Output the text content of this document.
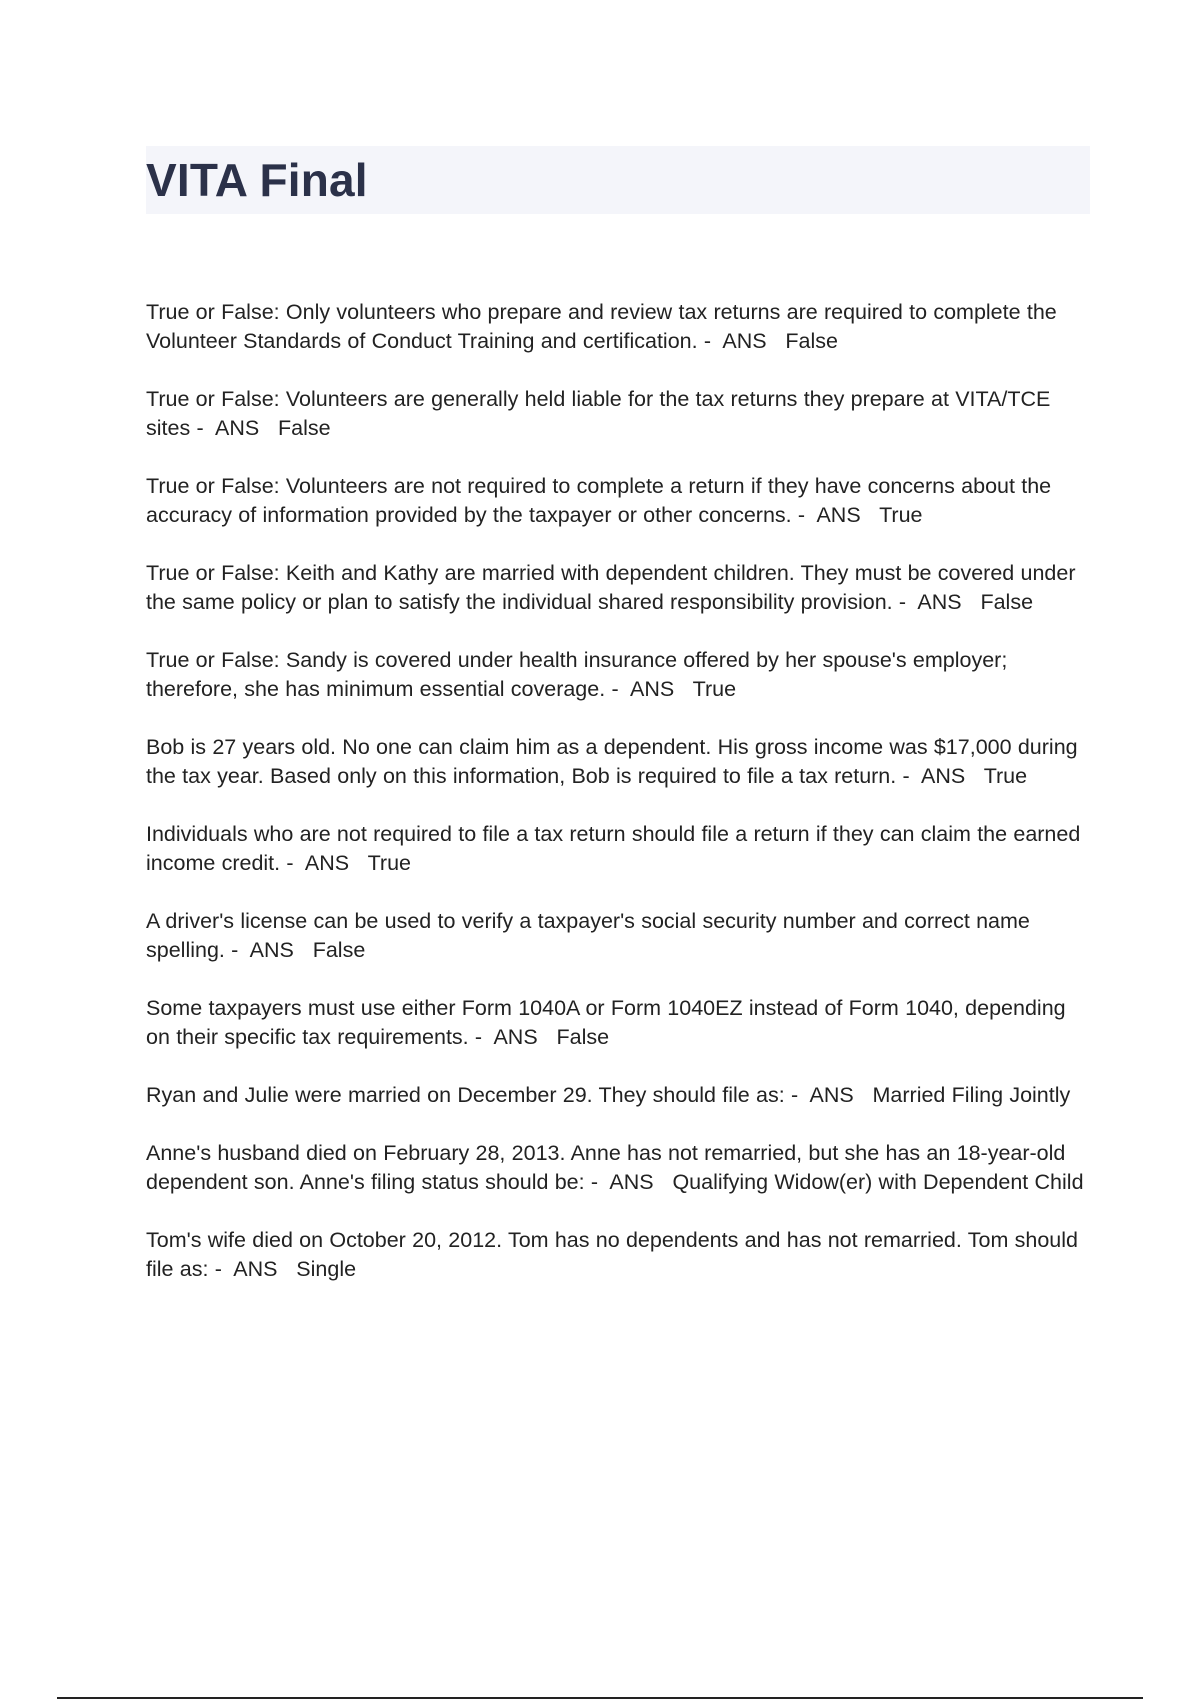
VITA Final

True or False: Only volunteers who prepare and review tax returns are required to complete the Volunteer Standards of Conduct Training and certification. -  ANS   False

True or False: Volunteers are generally held liable for the tax returns they prepare at VITA/TCE sites -  ANS   False

True or False: Volunteers are not required to complete a return if they have concerns about the accuracy of information provided by the taxpayer or other concerns. -  ANS   True

True or False: Keith and Kathy are married with dependent children. They must be covered under the same policy or plan to satisfy the individual shared responsibility provision. -  ANS   False

True or False: Sandy is covered under health insurance offered by her spouse's employer; therefore, she has minimum essential coverage. -  ANS   True

Bob is 27 years old. No one can claim him as a dependent. His gross income was $17,000 during the tax year. Based only on this information, Bob is required to file a tax return. -  ANS   True

Individuals who are not required to file a tax return should file a return if they can claim the earned income credit. -  ANS   True

A driver's license can be used to verify a taxpayer's social security number and correct name spelling. -  ANS   False

Some taxpayers must use either Form 1040A or Form 1040EZ instead of Form 1040, depending on their specific tax requirements. -  ANS   False

Ryan and Julie were married on December 29. They should file as: -  ANS   Married Filing Jointly

Anne's husband died on February 28, 2013. Anne has not remarried, but she has an 18-year-old dependent son. Anne's filing status should be: -  ANS   Qualifying Widow(er) with Dependent Child

Tom's wife died on October 20, 2012. Tom has no dependents and has not remarried. Tom should file as: -  ANS   Single
